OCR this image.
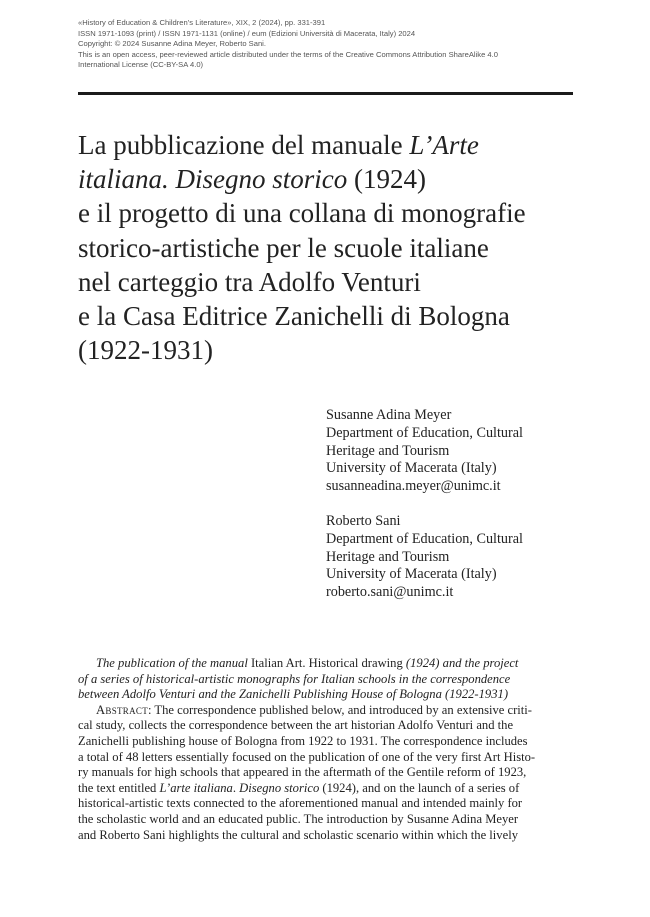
«History of Education & Children’s Literature», XIX, 2 (2024), pp. 331-391
ISSN 1971-1093 (print) / ISSN 1971-1131 (online) / eum (Edizioni Università di Macerata, Italy) 2024
Copyright: © 2024 Susanne Adina Meyer, Roberto Sani.
This is an open access, peer-reviewed article distributed under the terms of the Creative Commons Attribution ShareAlike 4.0
International License (CC-BY-SA 4.0)
La pubblicazione del manuale L’Arte
italiana. Disegno storico (1924)
e il progetto di una collana di monografie
storico-artistiche per le scuole italiane
nel carteggio tra Adolfo Venturi
e la Casa Editrice Zanichelli di Bologna
(1922-1931)
Susanne Adina Meyer
Department of Education, Cultural
Heritage and Tourism
University of Macerata (Italy)
susanneadina.meyer@unimc.it
Roberto Sani
Department of Education, Cultural
Heritage and Tourism
University of Macerata (Italy)
roberto.sani@unimc.it
The publication of the manual Italian Art. Historical drawing (1924) and the project
of a series of historical-artistic monographs for Italian schools in the correspondence
between Adolfo Venturi and the Zanichelli Publishing House of Bologna (1922-1931)
Abstract: The correspondence published below, and introduced by an extensive criti-
cal study, collects the correspondence between the art historian Adolfo Venturi and the
Zanichelli publishing house of Bologna from 1922 to 1931. The correspondence includes
a total of 48 letters essentially focused on the publication of one of the very first Art Histo-
ry manuals for high schools that appeared in the aftermath of the Gentile reform of 1923,
the text entitled L’arte italiana. Disegno storico (1924), and on the launch of a series of
historical-artistic texts connected to the aforementioned manual and intended mainly for
the scholastic world and an educated public. The introduction by Susanne Adina Meyer
and Roberto Sani highlights the cultural and scholastic scenario within which the lively
